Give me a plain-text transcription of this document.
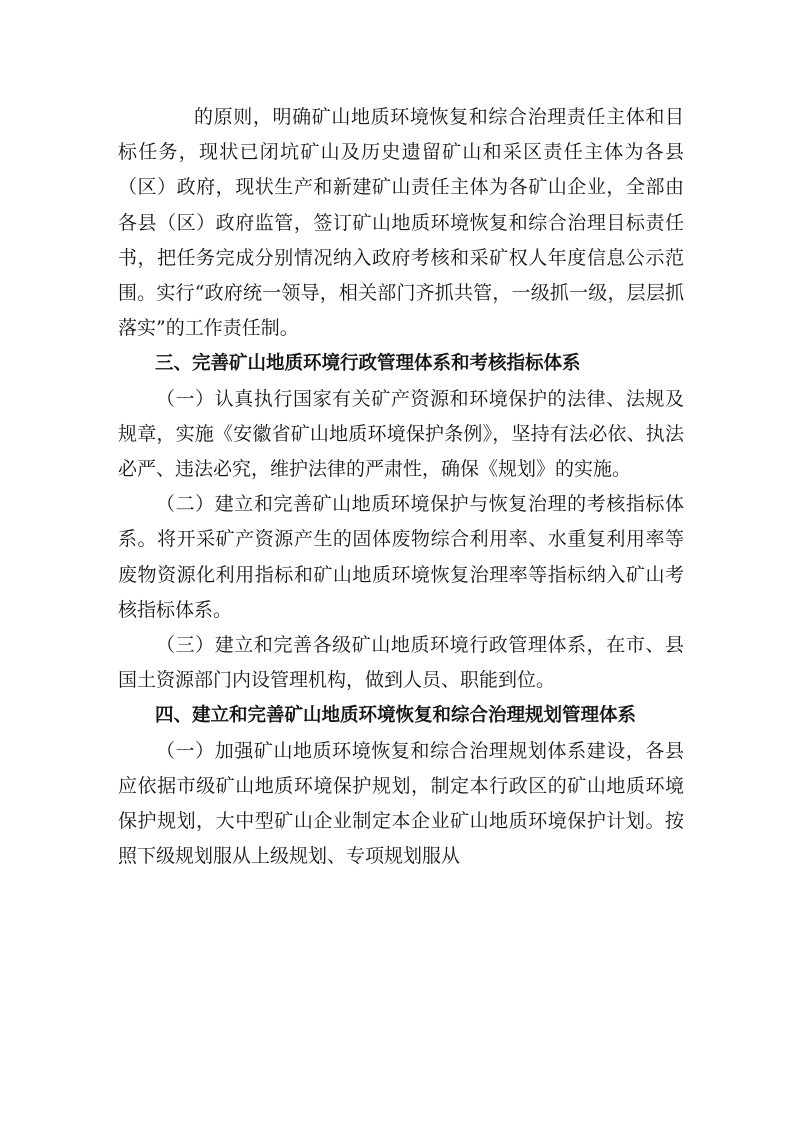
的原则，明确矿山地质环境恢复和综合治理责任主体和目标任务，现状已闭坑矿山及历史遗留矿山和采区责任主体为各县（区）政府，现状生产和新建矿山责任主体为各矿山企业，全部由各县（区）政府监管，签订矿山地质环境恢复和综合治理目标责任书，把任务完成分别情况纳入政府考核和采矿权人年度信息公示范围。实行“政府统一领导，相关部门齐抓共管，一级抓一级，层层抓落实”的工作责任制。

三、完善矿山地质环境行政管理体系和考核指标体系

（一）认真执行国家有关矿产资源和环境保护的法律、法规及规章，实施《安徽省矿山地质环境保护条例》，坚持有法必依、执法必严、违法必究，维护法律的严肃性，确保《规划》的实施。

（二）建立和完善矿山地质环境保护与恢复治理的考核指标体系。将开采矿产资源产生的固体废物综合利用率、水重复利用率等废物资源化利用指标和矿山地质环境恢复治理率等指标纳入矿山考核指标体系。

（三）建立和完善各级矿山地质环境行政管理体系，在市、县国土资源部门内设管理机构，做到人员、职能到位。

四、建立和完善矿山地质环境恢复和综合治理规划管理体系

（一）加强矿山地质环境恢复和综合治理规划体系建设，各县应依据市级矿山地质环境保护规划，制定本行政区的矿山地质环境保护规划，大中型矿山企业制定本企业矿山地质环境保护计划。按照下级规划服从上级规划、专项规划服从
